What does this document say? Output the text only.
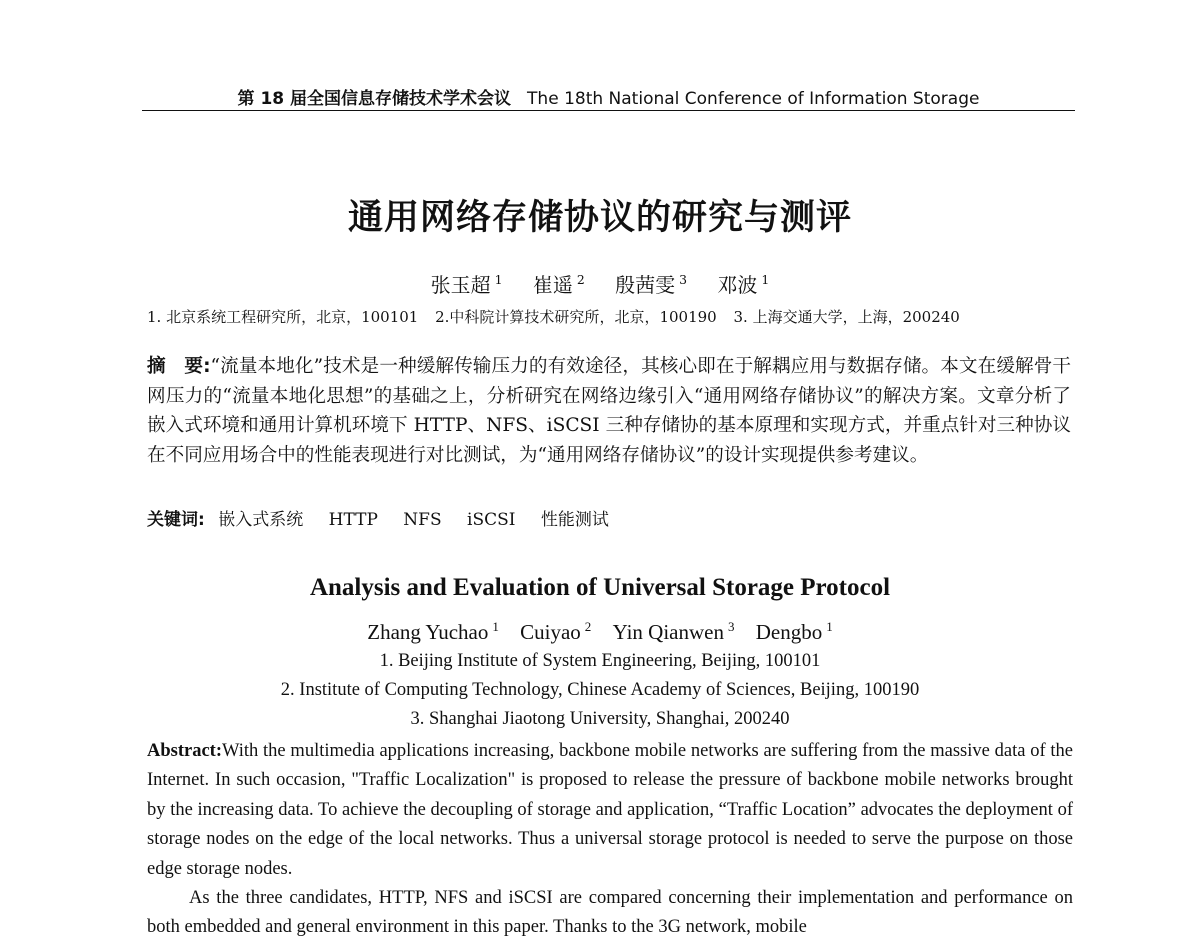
第 18 届全国信息存储技术学术会议 The 18th National Conference of Information Storage
通用网络存储协议的研究与测评
张玉超 $^1$ 崔遥 $^2$ 殷茜雯 $^3$ 邓波 $^1$
1. 北京系统工程研究所，北京，100101 2.中科院计算技术研究所，北京，100190 3. 上海交通大学，上海，200240
摘　要:“流量本地化”技术是一种缓解传输压力的有效途径，其核心即在于解耦应用与数据存储。本文在缓解骨干网压力的“流量本地化思想”的基础之上，分析研究在网络边缘引入“通用网络存储协议”的解决方案。文章分析了嵌入式环境和通用计算机环境下 HTTP、NFS、iSCSI 三种存储协的基本原理和实现方式，并重点针对三种协议在不同应用场合中的性能表现进行对比测试，为“通用网络存储协议”的设计实现提供参考建议。
关键词: 嵌入式系统 HTTP NFS iSCSI 性能测试
Analysis and Evaluation of Universal Storage Protocol
Zhang Yuchao $^1$ Cuiyao $^2$ Yin Qianwen $^3$ Dengbo $^1$
1. Beijing Institute of System Engineering, Beijing, 100101
2. Institute of Computing Technology, Chinese Academy of Sciences, Beijing, 100190
3. Shanghai Jiaotong University, Shanghai, 200240

Abstract:With the multimedia applications increasing, backbone mobile networks are suffering from the massive data of the Internet. In such occasion, "Traffic Localization" is proposed to release the pressure of backbone mobile networks brought by the increasing data. To achieve the decoupling of storage and application, “Traffic Location” advocates the deployment of storage nodes on the edge of the local networks. Thus a universal storage protocol is needed to serve the purpose on those edge storage nodes.

As the three candidates, HTTP, NFS and iSCSI are compared concerning their implementation and performance on both embedded and general environment in this paper. Thanks to the 3G network, mobile
